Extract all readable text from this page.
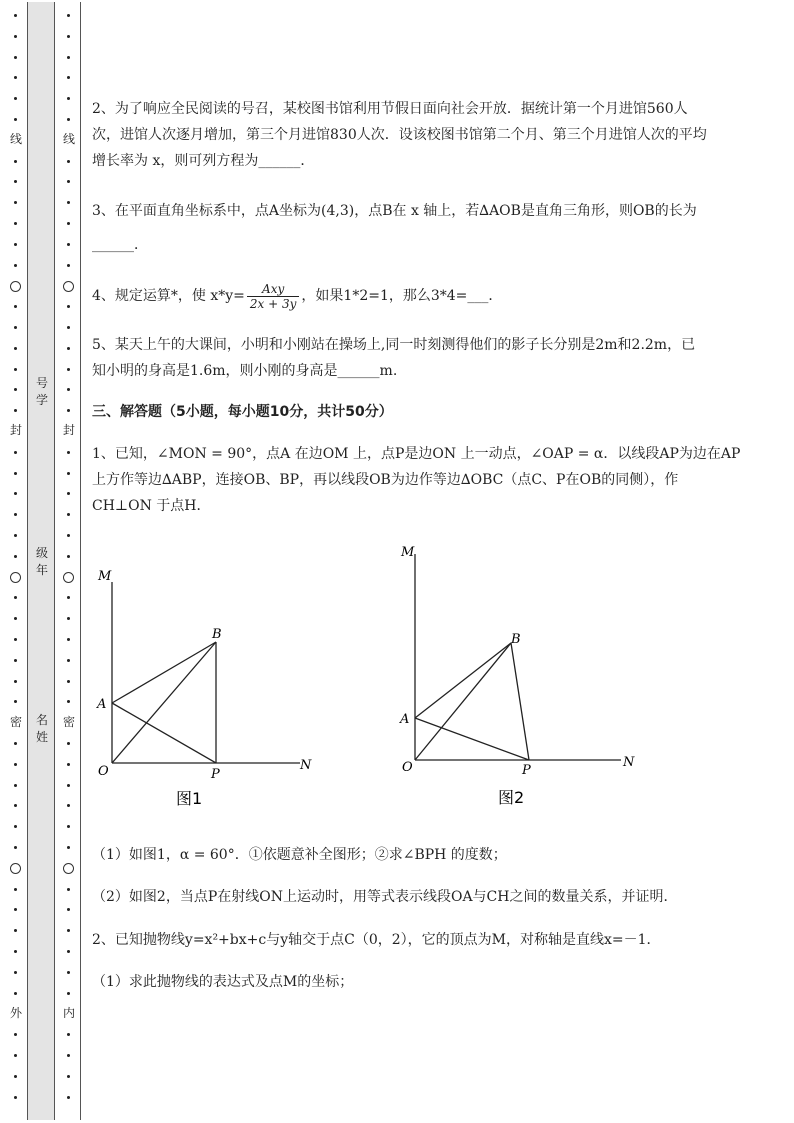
线
封
密
外
线
封
密
内
号学
级年
名姓
2、为了响应全民阅读的号召，某校图书馆利用节假日面向社会开放．据统计第一个月进馆560人
次，进馆人次逐月增加，第三个月进馆830人次．设该校图书馆第二个月、第三个月进馆人次的平均
增长率为 x，则可列方程为______．
3、在平面直角坐标系中，点A坐标为(4,3)，点B在 x 轴上，若∆AOB是直角三角形，则OB的长为
______．
4、规定运算*，使 $x*y= \frac{\text{Axy}}{2x + 3y}$ ，如果1*2=1，那么3*4=___．
5、某天上午的大课间，小明和小刚站在操场上,同一时刻测得他们的影子长分别是2m和2.2m，已
知小明的身高是1.6m，则小刚的身高是______m.
三、解答题（5小题，每小题10分，共计50分）
1、已知，∠MON = 90°，点A 在边OM 上，点P是边ON 上一动点，∠OAP = α．以线段AP为边在AP
上方作等边∆ABP，连接OB、BP，再以线段OB为边作等边∆OBC（点C、P在OB的同侧），作
CH⊥ON 于点H．
（1）如图1，α = 60°．①依题意补全图形；②求∠BPH 的度数；
（2）如图2，当点P在射线ON上运动时，用等式表示线段OA与CH之间的数量关系，并证明．
2、已知抛物线y=x²+bx+c与y轴交于点C（0，2），它的顶点为M，对称轴是直线x=－1．
（1）求此抛物线的表达式及点M的坐标；
M
N
O
A
B
P
图1
M
N
O
A
B
P
图2
